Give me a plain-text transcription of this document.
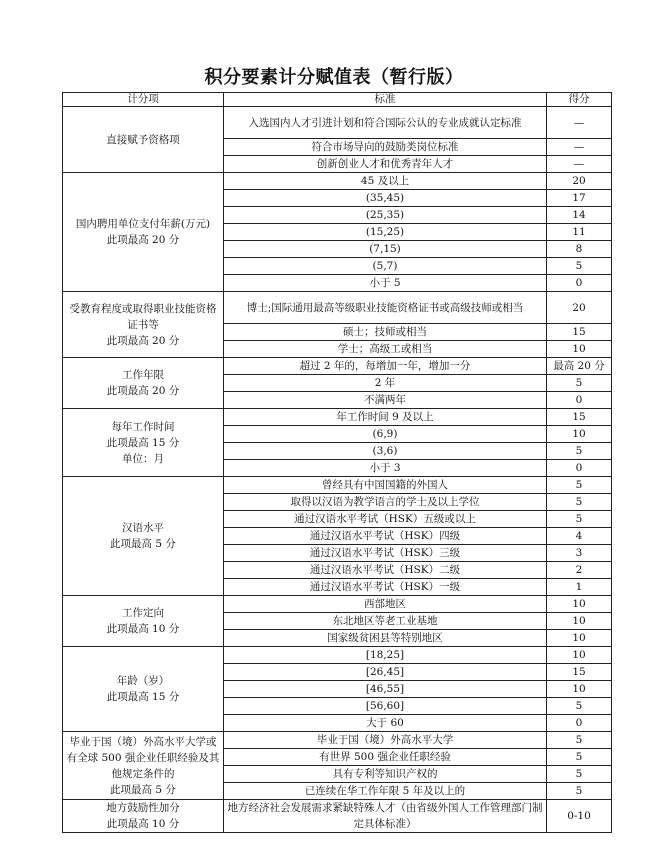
积分要素计分赋值表（暂行版）
计分项	标准	得分

直接赋予资格项	入选国内人才引进计划和符合国际公认的专业成就认定标准	—
	符合市场导向的鼓励类岗位标准	—
	创新创业人才和优秀青年人才	—

国内聘用单位支付年薪(万元)
此项最高 20 分	45 及以上	20
	(35,45)	17
	(25,35)	14
	(15,25)	11
	(7,15)	8
	(5,7)	5
	小于 5	0

受教育程度或取得职业技能资格证书等
此项最高 20 分	博士;国际通用最高等级职业技能资格证书或高级技师或相当	20
	硕士；技师或相当	15
	学士；高级工或相当	10

工作年限
此项最高 20 分	超过 2 年的，每增加一年，增加一分	最高 20 分
	2 年	5
	不满两年	0

每年工作时间
此项最高 15 分
单位：月	年工作时间 9 及以上	15
	(6,9)	10
	(3,6)	5
	小于 3	0

汉语水平
此项最高 5 分	曾经具有中国国籍的外国人	5
	取得以汉语为教学语言的学士及以上学位	5
	通过汉语水平考试（HSK）五级或以上	5
	通过汉语水平考试（HSK）四级	4
	通过汉语水平考试（HSK）三级	3
	通过汉语水平考试（HSK）二级	2
	通过汉语水平考试（HSK）一级	1

工作定向
此项最高 10 分	西部地区	10
	东北地区等老工业基地	10
	国家级贫困县等特别地区	10

年龄（岁）
此项最高 15 分	[18,25]	10
	[26,45]	15
	[46,55]	10
	[56,60]	5
	大于 60	0

毕业于国（境）外高水平大学或有全球 500 强企业任职经验及其他规定条件的
此项最高 5 分	毕业于国（境）外高水平大学	5
	有世界 500 强企业任职经验	5
	具有专利等知识产权的	5
	已连续在华工作年限 5 年及以上的	5

地方鼓励性加分
此项最高 10 分	地方经济社会发展需求紧缺特殊人才（由省级外国人工作管理部门制定具体标准）	0-10
